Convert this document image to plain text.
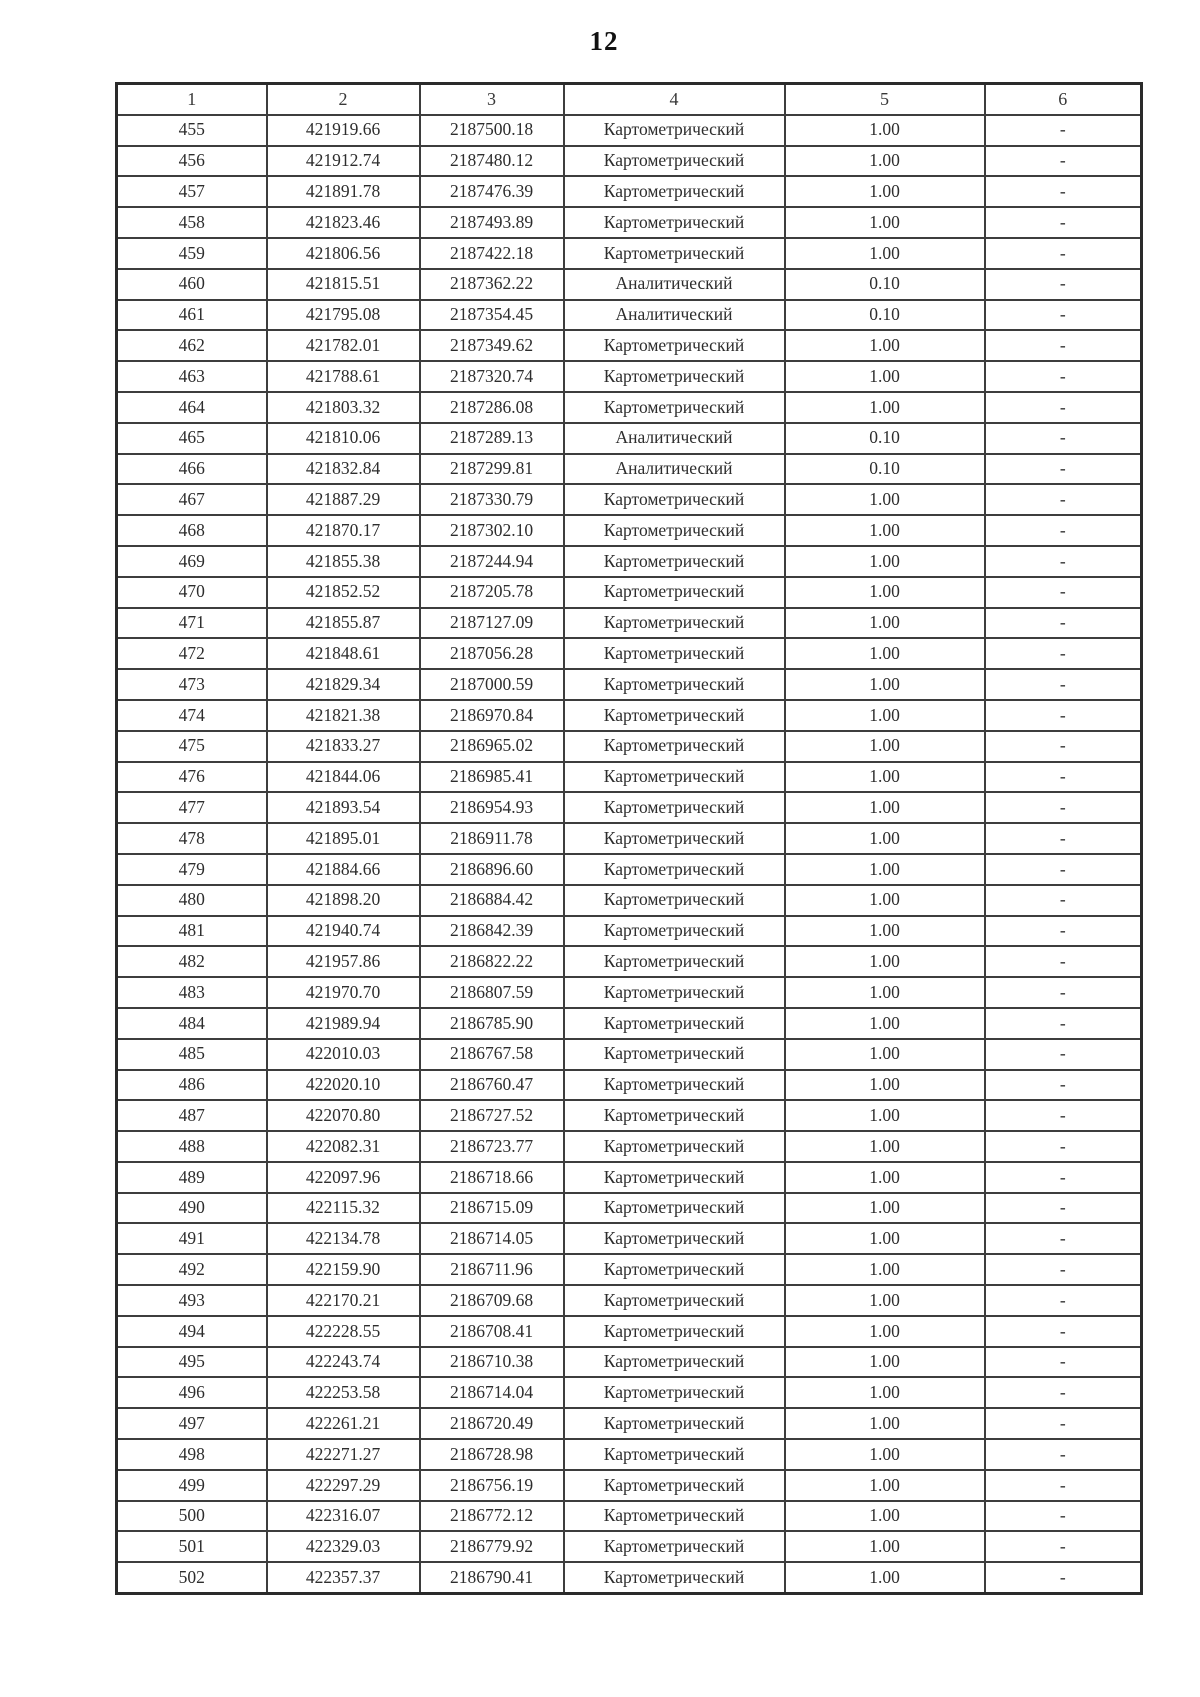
12
1	2	3	4	5	6
455	421919.66	2187500.18	Картометрический	1.00	-
456	421912.74	2187480.12	Картометрический	1.00	-
457	421891.78	2187476.39	Картометрический	1.00	-
458	421823.46	2187493.89	Картометрический	1.00	-
459	421806.56	2187422.18	Картометрический	1.00	-
460	421815.51	2187362.22	Аналитический	0.10	-
461	421795.08	2187354.45	Аналитический	0.10	-
462	421782.01	2187349.62	Картометрический	1.00	-
463	421788.61	2187320.74	Картометрический	1.00	-
464	421803.32	2187286.08	Картометрический	1.00	-
465	421810.06	2187289.13	Аналитический	0.10	-
466	421832.84	2187299.81	Аналитический	0.10	-
467	421887.29	2187330.79	Картометрический	1.00	-
468	421870.17	2187302.10	Картометрический	1.00	-
469	421855.38	2187244.94	Картометрический	1.00	-
470	421852.52	2187205.78	Картометрический	1.00	-
471	421855.87	2187127.09	Картометрический	1.00	-
472	421848.61	2187056.28	Картометрический	1.00	-
473	421829.34	2187000.59	Картометрический	1.00	-
474	421821.38	2186970.84	Картометрический	1.00	-
475	421833.27	2186965.02	Картометрический	1.00	-
476	421844.06	2186985.41	Картометрический	1.00	-
477	421893.54	2186954.93	Картометрический	1.00	-
478	421895.01	2186911.78	Картометрический	1.00	-
479	421884.66	2186896.60	Картометрический	1.00	-
480	421898.20	2186884.42	Картометрический	1.00	-
481	421940.74	2186842.39	Картометрический	1.00	-
482	421957.86	2186822.22	Картометрический	1.00	-
483	421970.70	2186807.59	Картометрический	1.00	-
484	421989.94	2186785.90	Картометрический	1.00	-
485	422010.03	2186767.58	Картометрический	1.00	-
486	422020.10	2186760.47	Картометрический	1.00	-
487	422070.80	2186727.52	Картометрический	1.00	-
488	422082.31	2186723.77	Картометрический	1.00	-
489	422097.96	2186718.66	Картометрический	1.00	-
490	422115.32	2186715.09	Картометрический	1.00	-
491	422134.78	2186714.05	Картометрический	1.00	-
492	422159.90	2186711.96	Картометрический	1.00	-
493	422170.21	2186709.68	Картометрический	1.00	-
494	422228.55	2186708.41	Картометрический	1.00	-
495	422243.74	2186710.38	Картометрический	1.00	-
496	422253.58	2186714.04	Картометрический	1.00	-
497	422261.21	2186720.49	Картометрический	1.00	-
498	422271.27	2186728.98	Картометрический	1.00	-
499	422297.29	2186756.19	Картометрический	1.00	-
500	422316.07	2186772.12	Картометрический	1.00	-
501	422329.03	2186779.92	Картометрический	1.00	-
502	422357.37	2186790.41	Картометрический	1.00	-
